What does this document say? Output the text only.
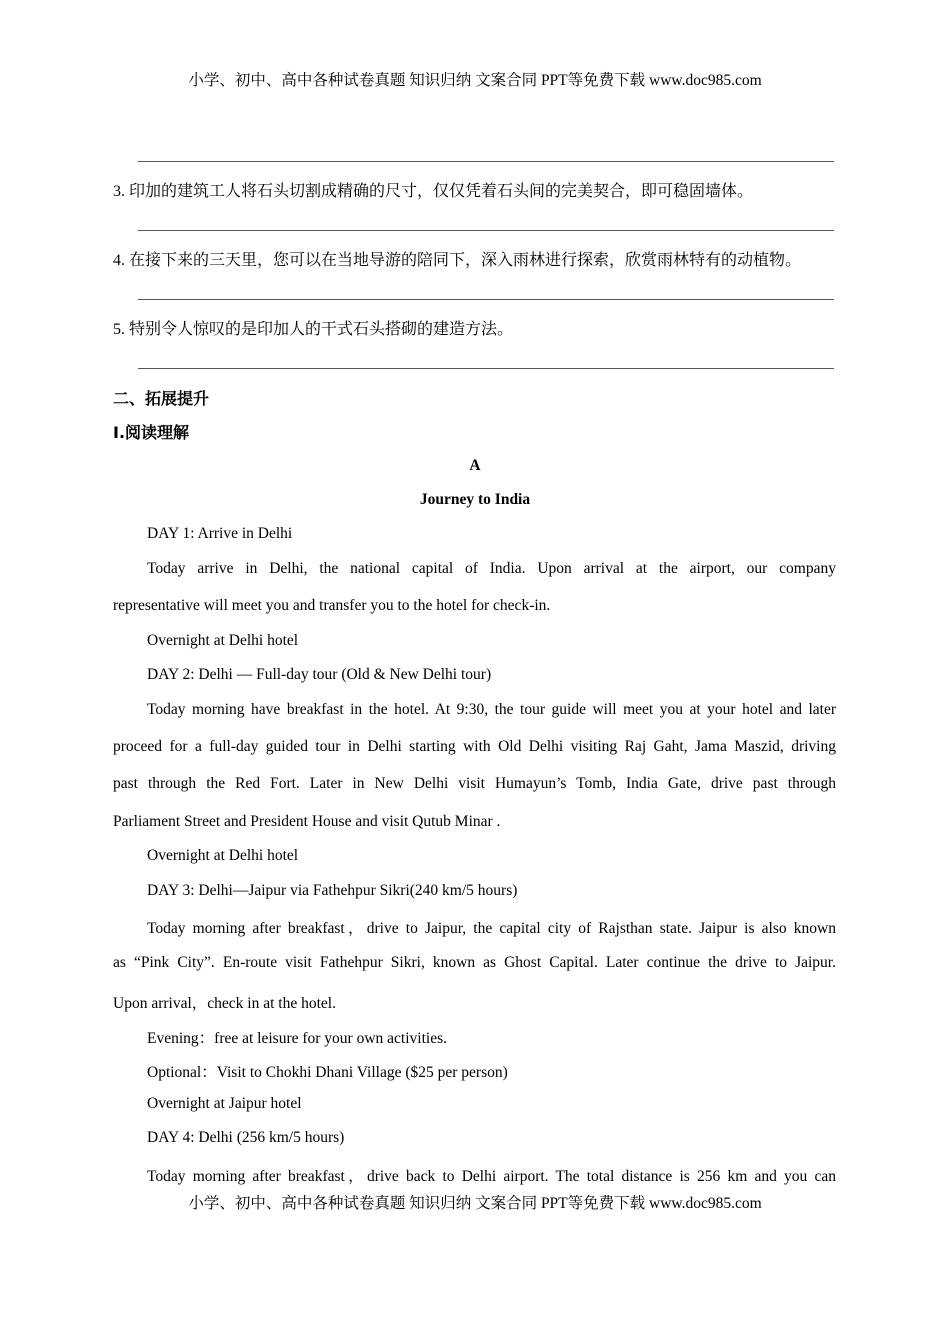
小学、初中、高中各种试卷真题 知识归纳 文案合同 PPT等免费下载 www.doc985.com
3. 印加的建筑工人将石头切割成精确的尺寸，仅仅凭着石头间的完美契合，即可稳固墙体。
4. 在接下来的三天里，您可以在当地导游的陪同下，深入雨林进行探索，欣赏雨林特有的动植物。
5. 特别令人惊叹的是印加人的干式石头搭砌的建造方法。
二、拓展提升
I.阅读理解
A
Journey to India
DAY 1: Arrive in Delhi
Today arrive in Delhi, the national capital of India. Upon arrival at the airport, our company
representative will meet you and transfer you to the hotel for check-in.
Overnight at Delhi hotel
DAY 2: Delhi — Full-day tour (Old & New Delhi tour)
Today morning have breakfast in the hotel. At 9:30, the tour guide will meet you at your hotel and later
proceed for a full-day guided tour in Delhi starting with Old Delhi visiting Raj Gaht, Jama Maszid, driving
past through the Red Fort. Later in New Delhi visit Humayun’s Tomb, India Gate, drive past through
Parliament Street and President House and visit Qutub Minar .
Overnight at Delhi hotel
DAY 3: Delhi—Jaipur via Fathehpur Sikri(240 km/5 hours)
Today morning after breakfast，drive to Jaipur, the capital city of Rajsthan state. Jaipur is also known
as “Pink City”. En-route visit Fathehpur Sikri, known as Ghost Capital. Later continue the drive to Jaipur.
Upon arrival，check in at the hotel.
Evening：free at leisure for your own activities.
Optional：Visit to Chokhi Dhani Village ($25 per person)
Overnight at Jaipur hotel
DAY 4: Delhi (256 km/5 hours)
Today morning after breakfast，drive back to Delhi airport. The total distance is 256 km and you can
小学、初中、高中各种试卷真题 知识归纳 文案合同 PPT等免费下载 www.doc985.com
